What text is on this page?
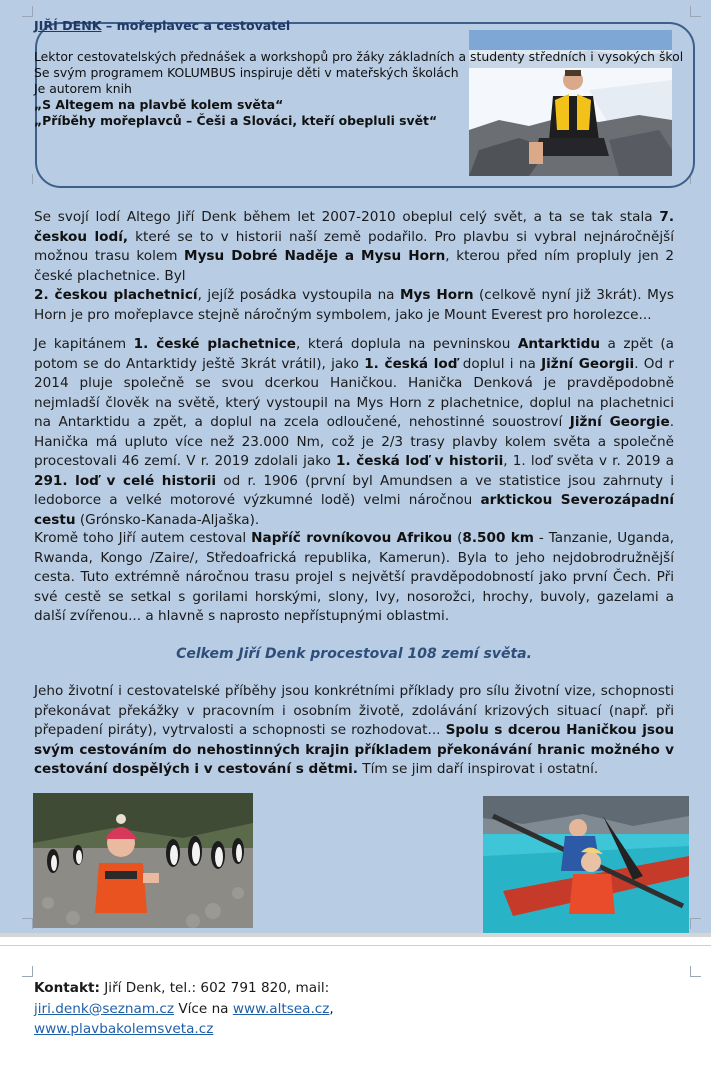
JIŘÍ DENK – mořeplavec a cestovatel
Lektor cestovatelských přednášek a workshopů pro žáky základních a studenty středních i vysokých škol
Se svým programem KOLUMBUS inspiruje děti v mateřských školách
Je autorem knih
„S Altegem na plavbě kolem světa“
„Příběhy mořeplavců – Češi a Slováci, kteří obepluli svět“
Se svojí lodí Altego Jiří Denk během let 2007-2010 obeplul celý svět, a ta se tak stala 7. českou lodí, které se to v historii naší země podařilo. Pro plavbu si vybral nejnáročnější možnou trasu kolem Mysu Dobré Naděje a Mysu Horn, kterou před ním propluly jen 2 české plachetnice. Byl
2. českou plachetnicí, jejíž posádka vystoupila na Mys Horn (celkově nyní již 3krát). Mys Horn je pro mořeplavce stejně náročným symbolem, jako je Mount Everest pro horolezce...
Je kapitánem 1. české plachetnice, která doplula na pevninskou Antarktidu a zpět (a potom se do Antarktidy ještě 3krát vrátil), jako 1. česká loď doplul i na Jižní Georgii. Od r 2014 pluje společně se svou dcerkou Haničkou. Hanička Denková je pravděpodobně nejmladší člověk na světě, který vystoupil na Mys Horn z plachetnice, doplul na plachetnici na Antarktidu a zpět, a doplul na zcela odloučené, nehostinné souostroví Jižní Georgie. Hanička má upluto více než 23.000 Nm, což je 2/3 trasy plavby kolem světa a společně procestovali 46 zemí. V r. 2019 zdolali jako 1. česká loď v historii, 1. loď světa v r. 2019 a 291. loď v celé historii od r. 1906 (první byl Amundsen a ve statistice jsou zahrnuty i ledoborce a velké motorové výzkumné lodě) velmi náročnou arktickou Severozápadní cestu (Grónsko-Kanada-Aljaška).
Kromě toho Jiří autem cestoval Napříč rovníkovou Afrikou (8.500 km - Tanzanie, Uganda, Rwanda, Kongo /Zaire/, Středoafrická republika, Kamerun). Byla to jeho nejdobrodružnější cesta. Tuto extrémně náročnou trasu projel s největší pravděpodobností jako první Čech. Při své cestě se setkal s gorilami horskými, slony, lvy, nosorožci, hrochy, buvoly, gazelami a další zvířenou... a hlavně s naprosto nepřístupnými oblastmi.
Celkem Jiří Denk procestoval 108 zemí světa.
Jeho životní i cestovatelské příběhy jsou konkrétními příklady pro sílu životní vize, schopnosti překonávat překážky v pracovním i osobním životě, zdolávání krizových situací (např. při přepadení piráty), vytrvalosti a schopnosti se rozhodovat... Spolu s dcerou Haničkou jsou svým cestováním do nehostinných krajin příkladem překonávání hranic možného v cestování dospělých i v cestování s dětmi. Tím se jim daří inspirovat i ostatní.
Kontakt: Jiří Denk, tel.: 602 791 820, mail:
jiri.denk@seznam.cz Více na www.altsea.cz,
www.plavbakolemsveta.cz
